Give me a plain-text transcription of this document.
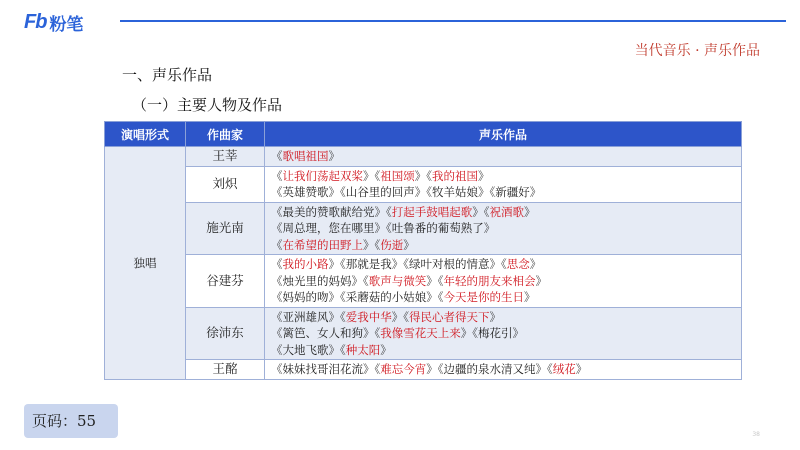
Fb 粉笔
当代音乐 · 声乐作品
一、声乐作品
（一）主要人物及作品
演唱形式	作曲家	声乐作品
独唱	王莘	《歌唱祖国》

	刘炽	《让我们荡起双桨》《祖国颂》《我的祖国》
《英雄赞歌》《山谷里的回声》《牧羊姑娘》《新疆好》

	施光南	《最美的赞歌献给党》《打起手鼓唱起歌》《祝酒歌》
《周总理，您在哪里》《吐鲁番的葡萄熟了》
《在希望的田野上》《伤逝》

	谷建芬	《我的小路》《那就是我》《绿叶对根的情意》《思念》
《烛光里的妈妈》《歌声与微笑》《年轻的朋友来相会》
《妈妈的吻》《采蘑菇的小姑娘》《今天是你的生日》

	徐沛东	《亚洲雄风》《爱我中华》《得民心者得天下》
《篱笆、女人和狗》《我像雪花天上来》《梅花引》
《大地飞歌》《种太阳》

	王酩	《妹妹找哥泪花流》《难忘今宵》《边疆的泉水清又纯》《绒花》
页码：55
38
